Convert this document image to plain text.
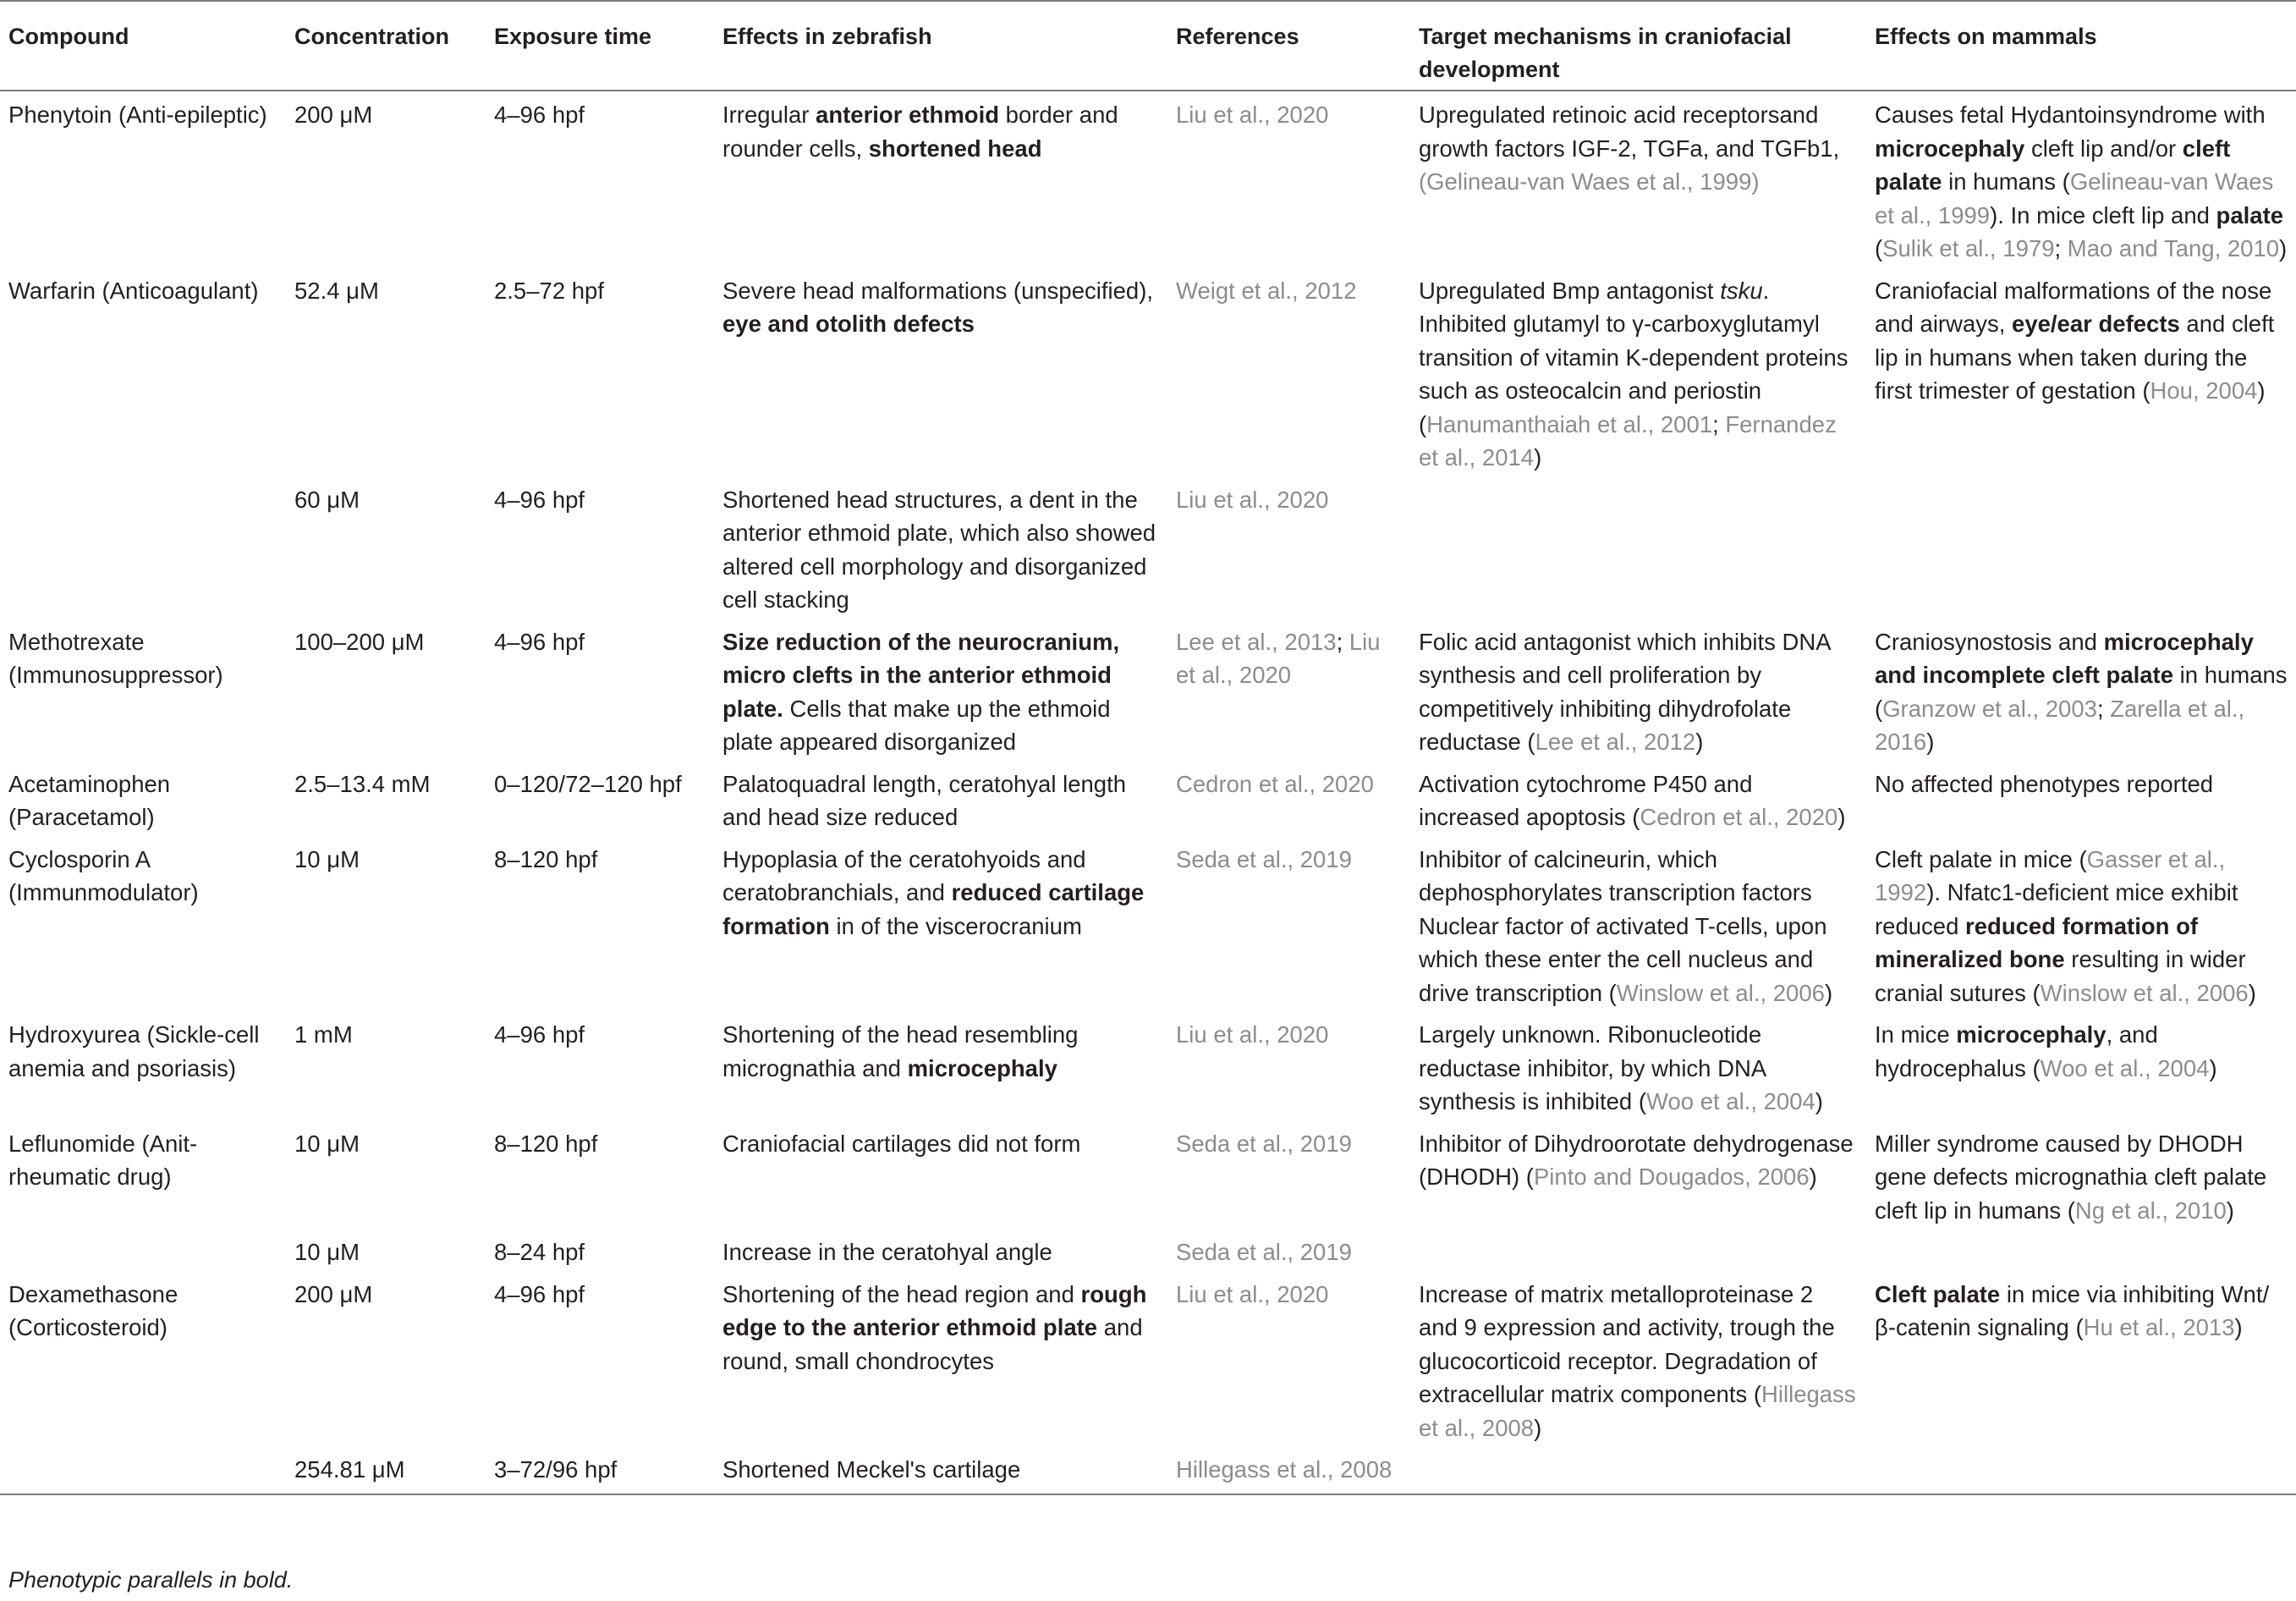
Compound	Concentration	Exposure time	Effects in zebrafish	References	Target mechanisms in craniofacial development	Effects on mammals
Phenytoin (Anti-epileptic)	200 μM	4–96 hpf	Irregular anterior ethmoid border and rounder cells, shortened head	Liu et al., 2020	Upregulated retinoic acid receptorsand growth factors IGF-2, TGFa, and TGFb1, (Gelineau-van Waes et al., 1999)	Causes fetal Hydantoinsyndrome with microcephaly cleft lip and/or cleft palate in humans (Gelineau-van Waes et al., 1999). In mice cleft lip and palate (Sulik et al., 1979; Mao and Tang, 2010)
Warfarin (Anticoagulant)	52.4 μM	2.5–72 hpf	Severe head malformations (unspecified), eye and otolith defects	Weigt et al., 2012	Upregulated Bmp antagonist tsku. Inhibited glutamyl to γ-carboxyglutamyl transition of vitamin K-dependent proteins such as osteocalcin and periostin (Hanumanthaiah et al., 2001; Fernandez et al., 2014)	Craniofacial malformations of the nose and airways, eye/ear defects and cleft lip in humans when taken during the first trimester of gestation (Hou, 2004)
	60 μM	4–96 hpf	Shortened head structures, a dent in the anterior ethmoid plate, which also showed altered cell morphology and disorganized cell stacking	Liu et al., 2020		
Methotrexate (Immunosuppressor)	100–200 μM	4–96 hpf	Size reduction of the neurocranium, micro clefts in the anterior ethmoid plate. Cells that make up the ethmoid plate appeared disorganized	Lee et al., 2013; Liu et al., 2020	Folic acid antagonist which inhibits DNA synthesis and cell proliferation by competitively inhibiting dihydrofolate reductase (Lee et al., 2012)	Craniosynostosis and microcephaly and incomplete cleft palate in humans (Granzow et al., 2003; Zarella et al., 2016)
Acetaminophen (Paracetamol)	2.5–13.4 mM	0–120/72–120 hpf	Palatoquadral length, ceratohyal length and head size reduced	Cedron et al., 2020	Activation cytochrome P450 and increased apoptosis (Cedron et al., 2020)	No affected phenotypes reported
Cyclosporin A (Immunmodulator)	10 μM	8–120 hpf	Hypoplasia of the ceratohyoids and ceratobranchials, and reduced cartilage formation in of the viscerocranium	Seda et al., 2019	Inhibitor of calcineurin, which dephosphorylates transcription factors Nuclear factor of activated T-cells, upon which these enter the cell nucleus and drive transcription (Winslow et al., 2006)	Cleft palate in mice (Gasser et al., 1992). Nfatc1-deficient mice exhibit reduced reduced formation of mineralized bone resulting in wider cranial sutures (Winslow et al., 2006)
Hydroxyurea (Sickle-cell anemia and psoriasis)	1 mM	4–96 hpf	Shortening of the head resembling micrognathia and microcephaly	Liu et al., 2020	Largely unknown. Ribonucleotide reductase inhibitor, by which DNA synthesis is inhibited (Woo et al., 2004)	In mice microcephaly, and hydrocephalus (Woo et al., 2004)
Leflunomide (Anit-rheumatic drug)	10 μM	8–120 hpf	Craniofacial cartilages did not form	Seda et al., 2019	Inhibitor of Dihydroorotate dehydrogenase (DHODH) (Pinto and Dougados, 2006)	Miller syndrome caused by DHODH gene defects micrognathia cleft palate cleft lip in humans (Ng et al., 2010)
	10 μM	8–24 hpf	Increase in the ceratohyal angle	Seda et al., 2019		
Dexamethasone (Corticosteroid)	200 μM	4–96 hpf	Shortening of the head region and rough edge to the anterior ethmoid plate and round, small chondrocytes	Liu et al., 2020	Increase of matrix metalloproteinase 2 and 9 expression and activity, trough the glucocorticoid receptor. Degradation of extracellular matrix components (Hillegass et al., 2008)	Cleft palate in mice via inhibiting Wnt/β-catenin signaling (Hu et al., 2013)
	254.81 μM	3–72/96 hpf	Shortened Meckel's cartilage	Hillegass et al., 2008		
Phenotypic parallels in bold.
